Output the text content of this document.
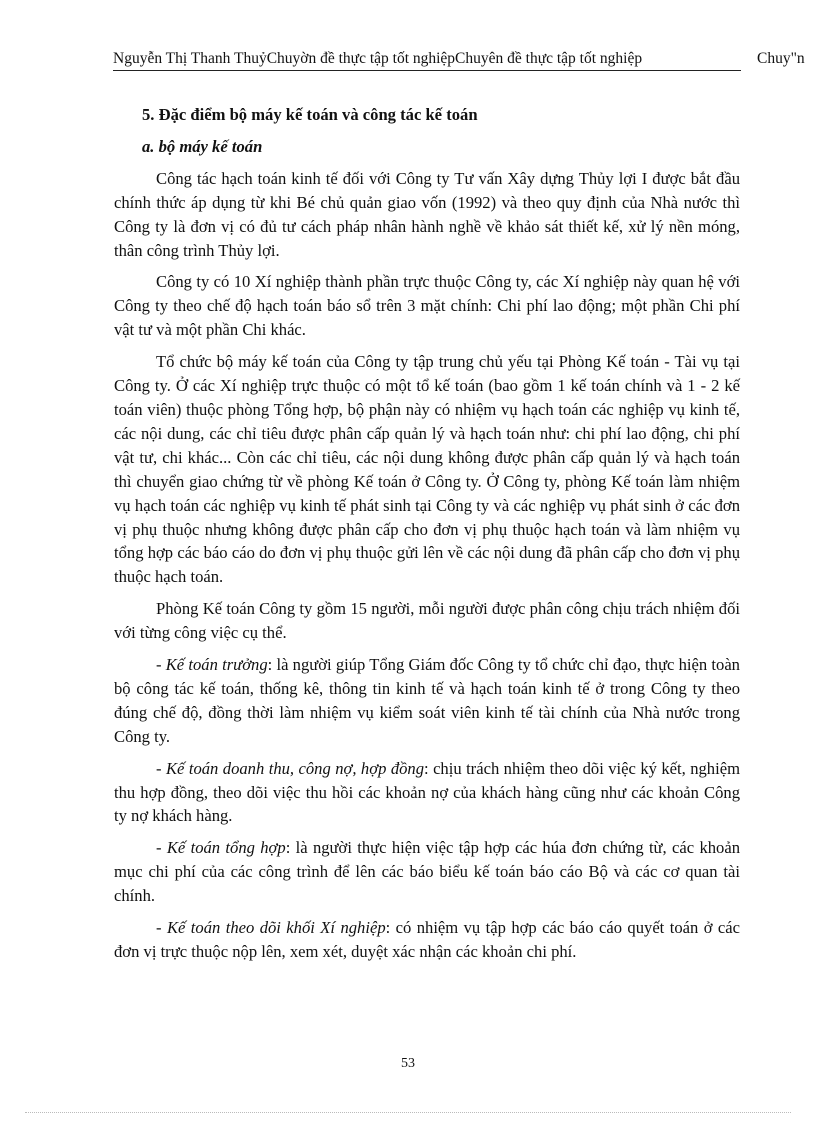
Nguyễn Thị Thanh ThuỷChuyờn đề thực tập tốt nghiệpChuyên đề thực tập tốt nghiệp	Chuy"n

5. Đặc điểm bộ máy kế toán và công tác kế toán

a. bộ máy kế toán

Công tác hạch toán kinh tế đối với Công ty Tư vấn Xây dựng Thủy lợi I được bắt đầu chính thức áp dụng từ khi Bé chủ quản giao vốn (1992) và theo quy định của Nhà nước thì Công ty là đơn vị có đủ tư cách pháp nhân hành nghề về khảo sát thiết kế, xử lý nền móng, thân công trình Thủy lợi.

Công ty có 10 Xí nghiệp thành phần trực thuộc Công ty, các Xí nghiệp này quan hệ với Công ty theo chế độ hạch toán báo sổ trên 3 mặt chính: Chi phí lao động; một phần Chi phí vật tư và một phần Chi khác.

Tổ chức bộ máy kế toán của Công ty tập trung chủ yếu tại Phòng Kế toán - Tài vụ tại Công ty. Ở các Xí nghiệp trực thuộc có một tổ kế toán (bao gồm 1 kế toán chính và 1 - 2 kế toán viên) thuộc phòng Tổng hợp, bộ phận này có nhiệm vụ hạch toán các nghiệp vụ kinh tế, các nội dung, các chỉ tiêu được phân cấp quản lý và hạch toán như: chi phí lao động, chi phí vật tư, chi khác... Còn các chỉ tiêu, các nội dung không được phân cấp quản lý và hạch toán thì chuyển giao chứng từ về phòng Kế toán ở Công ty. Ở Công ty, phòng Kế toán làm nhiệm vụ hạch toán các nghiệp vụ kinh tế phát sinh tại Công ty và các nghiệp vụ phát sinh ở các đơn vị phụ thuộc nhưng không được phân cấp cho đơn vị phụ thuộc hạch toán và làm nhiệm vụ tổng hợp các báo cáo do đơn vị phụ thuộc gửi lên về các nội dung đã phân cấp cho đơn vị phụ thuộc hạch toán.

Phòng Kế toán Công ty gồm 15 người, mỗi người được phân công chịu trách nhiệm đối với từng công việc cụ thể.

- Kế toán trưởng: là người giúp Tổng Giám đốc Công ty tổ chức chỉ đạo, thực hiện toàn bộ công tác kế toán, thống kê, thông tin kinh tế và hạch toán kinh tế ở trong Công ty theo đúng chế độ, đồng thời làm nhiệm vụ kiểm soát viên kinh tế tài chính của Nhà nước trong Công ty.

- Kế toán doanh thu, công nợ, hợp đồng: chịu trách nhiệm theo dõi việc ký kết, nghiệm thu hợp đồng, theo dõi việc thu hồi các khoản nợ của khách hàng cũng như các khoản Công ty nợ khách hàng.

- Kế toán tổng hợp: là người thực hiện việc tập hợp các húa đơn chứng từ, các khoản mục chi phí của các công trình để lên các báo biểu kế toán báo cáo Bộ và các cơ quan tài chính.

- Kế toán theo dõi khối Xí nghiệp: có nhiệm vụ tập hợp các báo cáo quyết toán ở các đơn vị trực thuộc nộp lên, xem xét, duyệt xác nhận các khoản chi phí.

53
